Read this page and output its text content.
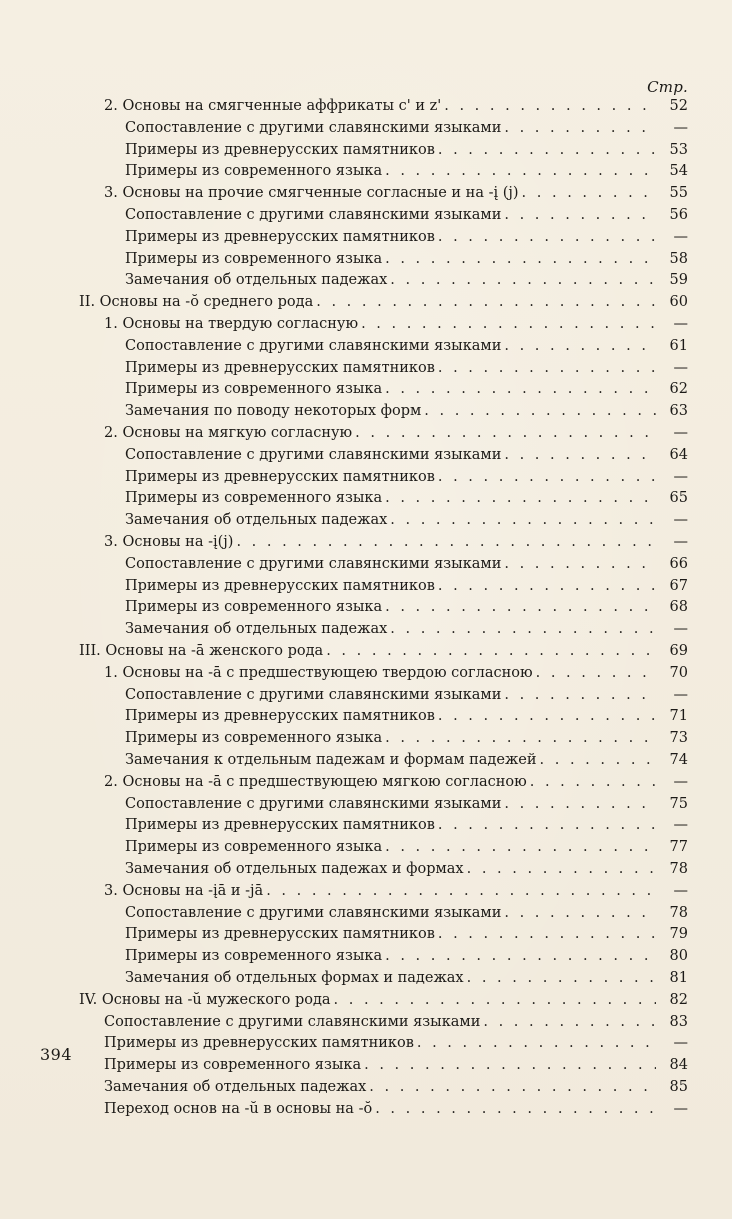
Стр.
2. Основы на смягченные аффрикаты c' и z' . . .	52
Сопоставление с другими славянскими языками . . .	—
Примеры из древнерусских памятников . . .	53
Примеры из современного языка . . .	54
3. Основы на прочие смягченные согласные и на -į (j) . . .	55
Сопоставление с другими славянскими языками . . .	56
Примеры из древнерусских памятников . . .	—
Примеры из современного языка . . .	58
Замечания об отдельных падежах . . .	59
II. Основы на -ŏ среднего рода . . .	60
1. Основы на твердую согласную . . .	—
Сопоставление с другими славянскими языками . . .	61
Примеры из древнерусских памятников . . .	—
Примеры из современного языка . . .	62
Замечания по поводу некоторых форм . . .	63
2. Основы на мягкую согласную . . .	—
Сопоставление с другими славянскими языками . . .	64
Примеры из древнерусских памятников . . .	—
Примеры из современного языка . . .	65
Замечания об отдельных падежах . . .	—
3. Основы на -į(j) . . .	—
Сопоставление с другими славянскими языками . . .	66
Примеры из древнерусских памятников . . .	67
Примеры из современного языка . . .	68
Замечания об отдельных падежах . . .	—
III. Основы на -ā женского рода . . .	69
1. Основы на -ā с предшествующею твердою согласною . . .	70
Сопоставление с другими славянскими языками . . .	—
Примеры из древнерусских памятников . . .	71
Примеры из современного языка . . .	73
Замечания к отдельным падежам и формам падежей . . .	74
2. Основы на -ā с предшествующею мягкою согласною . . .	—
Сопоставление с другими славянскими языками . . .	75
Примеры из древнерусских памятников . . .	—
Примеры из современного языка . . .	77
Замечания об отдельных падежах и формах . . .	78
3. Основы на -įā и -jā . . .	—
Сопоставление с другими славянскими языками . . .	78
Примеры из древнерусских памятников . . .	79
Примеры из современного языка . . .	80
Замечания об отдельных формах и падежах . . .	81
IV. Основы на -ŭ мужеского рода . . .	82
Сопоставление с другими славянскими языками . . .	83
Примеры из древнерусских памятников . . .	—
Примеры из современного языка . . .	84
Замечания об отдельных падежах . . .	85
Переход основ на -ŭ в основы на -ŏ . . .	—
394
